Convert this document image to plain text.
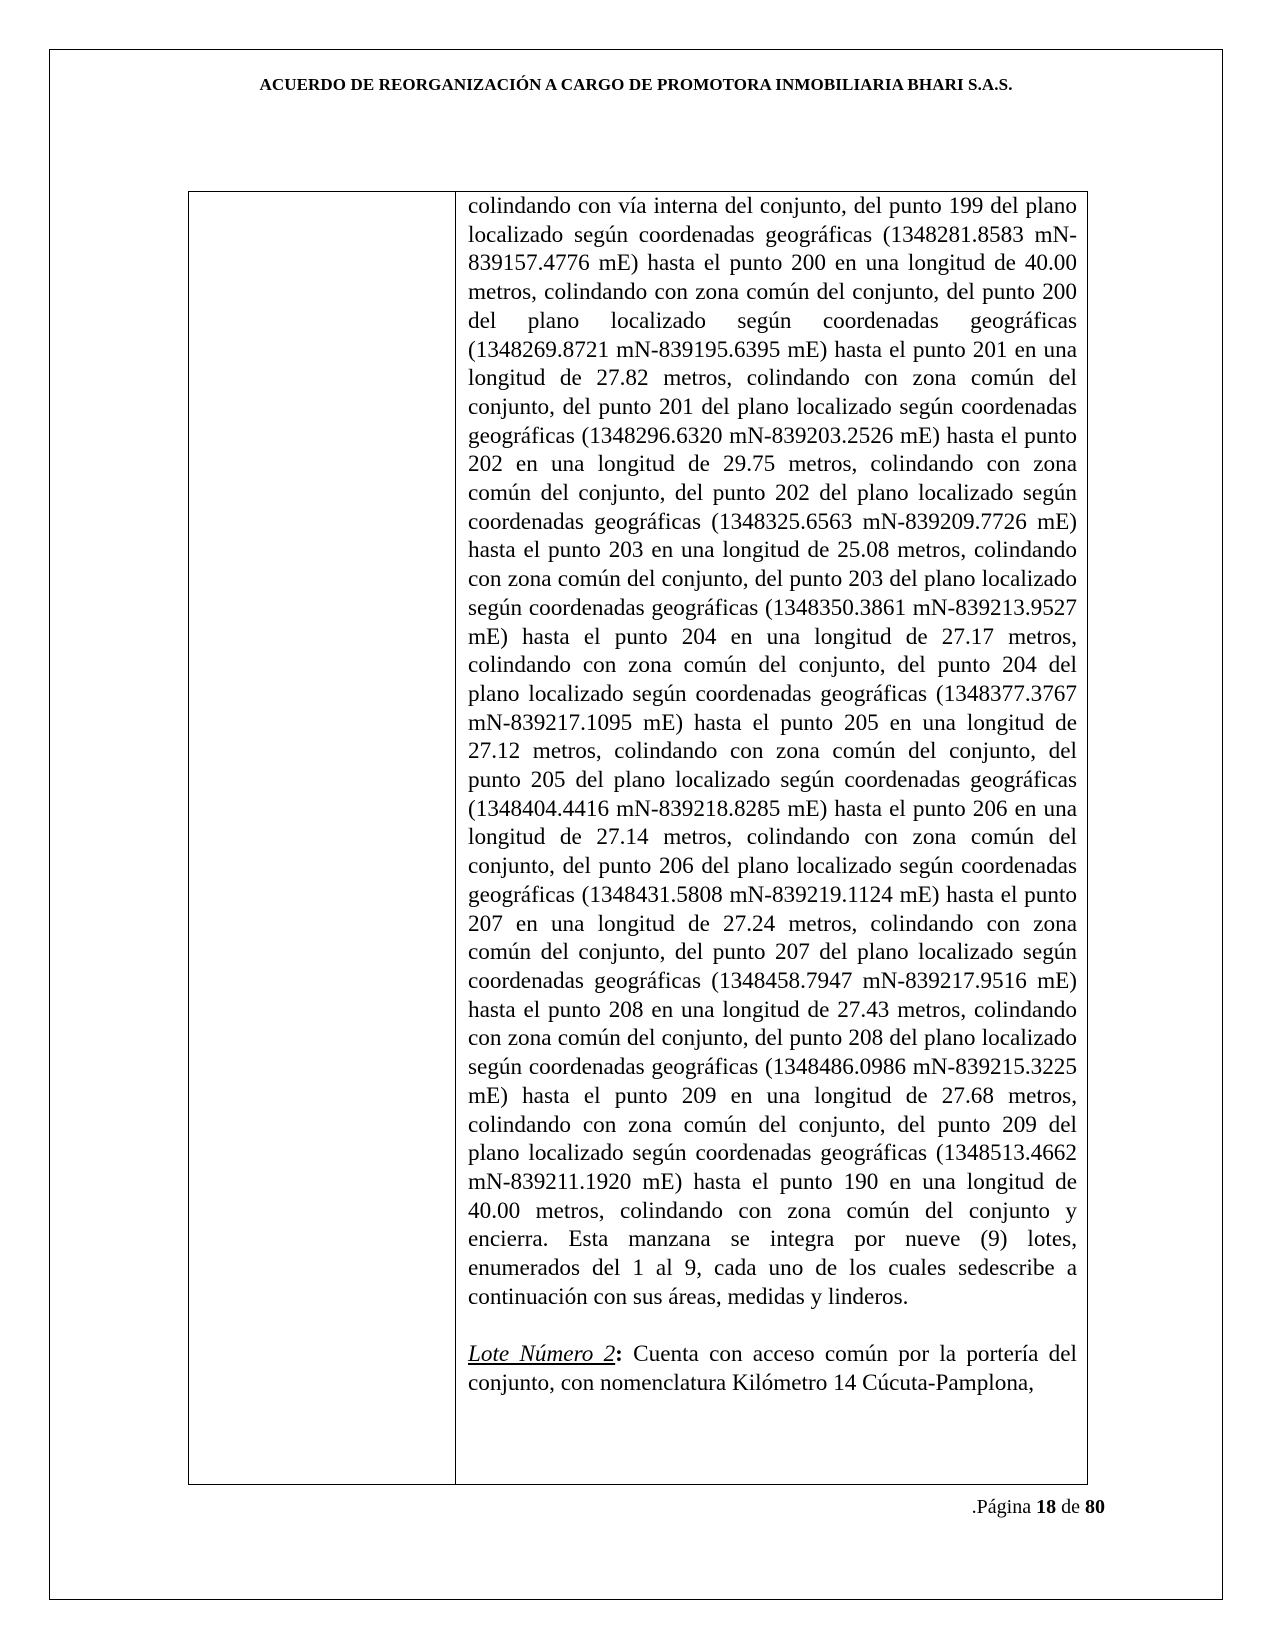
ACUERDO DE REORGANIZACIÓN A CARGO DE PROMOTORA INMOBILIARIA BHARI S.A.S.

colindando con vía interna del conjunto, del punto 199 del plano localizado según coordenadas geográficas (1348281.8583 mN-839157.4776 mE) hasta el punto 200 en una longitud de 40.00 metros, colindando con zona común del conjunto, del punto 200 del plano localizado según coordenadas geográficas (1348269.8721 mN-839195.6395 mE) hasta el punto 201 en una longitud de 27.82 metros, colindando con zona común del conjunto, del punto 201 del plano localizado según coordenadas geográficas (1348296.6320 mN-839203.2526 mE) hasta el punto 202 en una longitud de 29.75 metros, colindando con zona común del conjunto, del punto 202 del plano localizado según coordenadas geográficas (1348325.6563 mN-839209.7726 mE) hasta el punto 203 en una longitud de 25.08 metros, colindando con zona común del conjunto, del punto 203 del plano localizado según coordenadas geográficas (1348350.3861 mN-839213.9527 mE) hasta el punto 204 en una longitud de 27.17 metros, colindando con zona común del conjunto, del punto 204 del plano localizado según coordenadas geográficas (1348377.3767 mN-839217.1095 mE) hasta el punto 205 en una longitud de 27.12 metros, colindando con zona común del conjunto, del punto 205 del plano localizado según coordenadas geográficas (1348404.4416 mN-839218.8285 mE) hasta el punto 206 en una longitud de 27.14 metros, colindando con zona común del conjunto, del punto 206 del plano localizado según coordenadas geográficas (1348431.5808 mN-839219.1124 mE) hasta el punto 207 en una longitud de 27.24 metros, colindando con zona común del conjunto, del punto 207 del plano localizado según coordenadas geográficas (1348458.7947 mN-839217.9516 mE) hasta el punto 208 en una longitud de 27.43 metros, colindando con zona común del conjunto, del punto 208 del plano localizado según coordenadas geográficas (1348486.0986 mN-839215.3225 mE) hasta el punto 209 en una longitud de 27.68 metros, colindando con zona común del conjunto, del punto 209 del plano localizado según coordenadas geográficas (1348513.4662 mN-839211.1920 mE) hasta el punto 190 en una longitud de 40.00 metros, colindando con zona común del conjunto y encierra. Esta manzana se integra por nueve (9) lotes, enumerados del 1 al 9, cada uno de los cuales sedescribe a continuación con sus áreas, medidas y linderos.

Lote Número 2: Cuenta con acceso común por la portería del conjunto, con nomenclatura Kilómetro 14 Cúcuta-Pamplona,

.Página 18 de 80
